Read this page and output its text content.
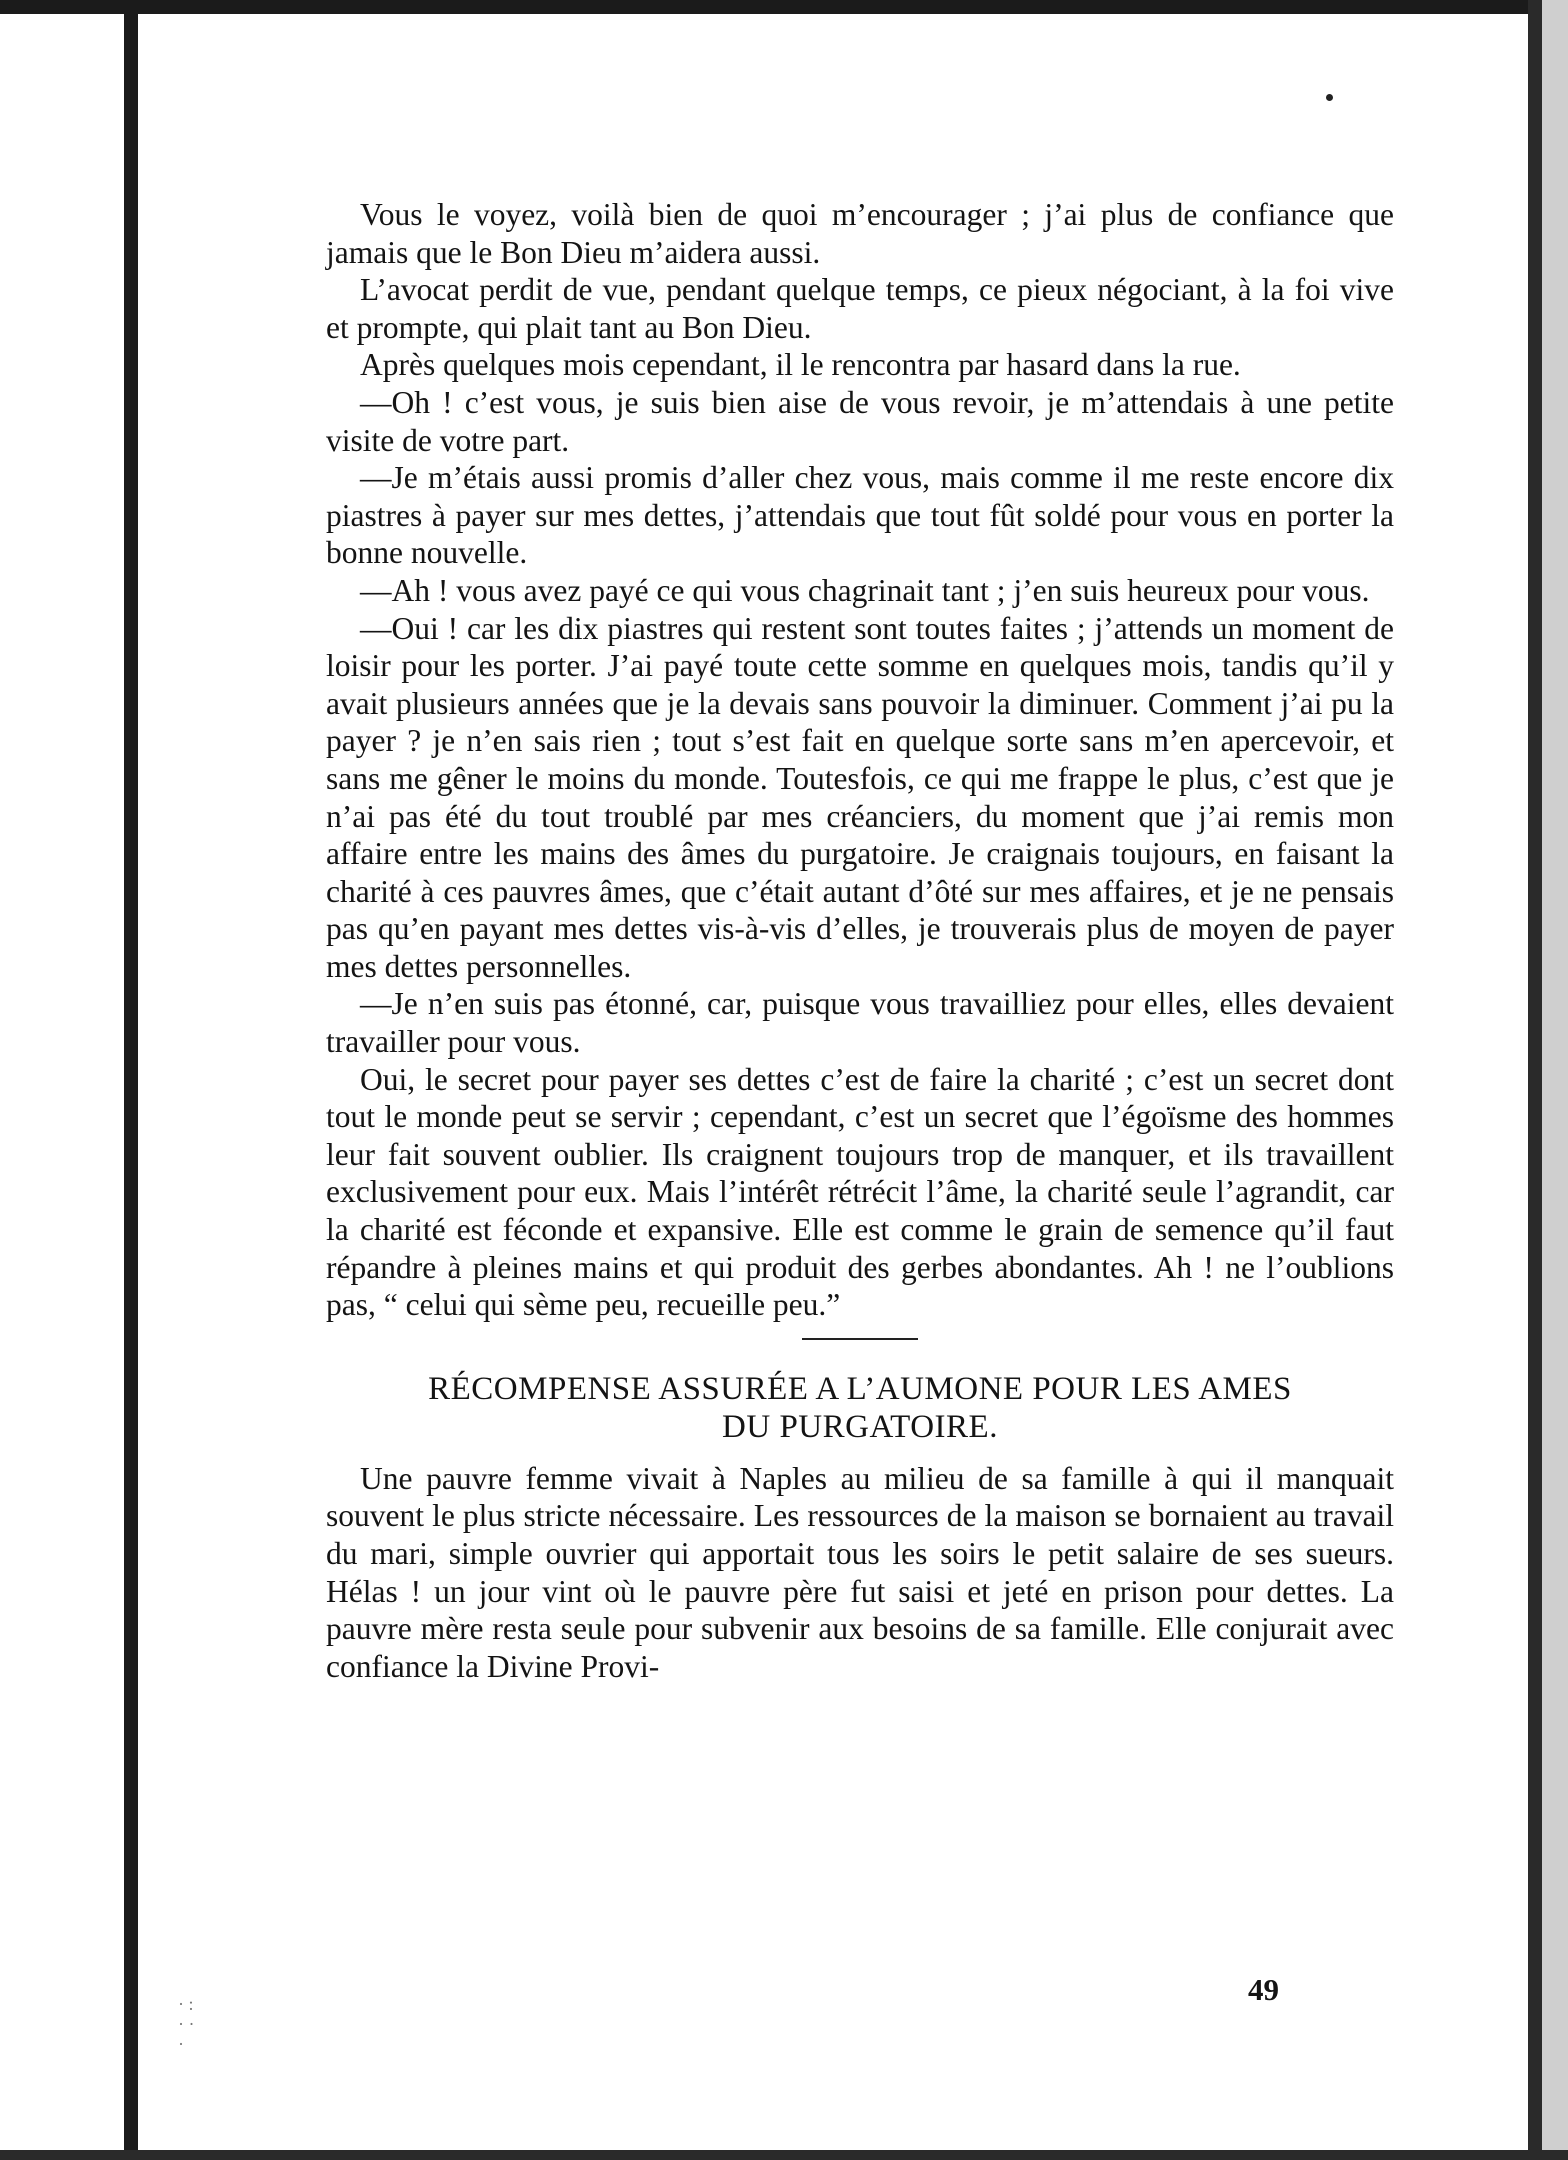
· :
· ·
·

Vous le voyez, voilà bien de quoi m’encourager ; j’ai plus de confiance que jamais que le Bon Dieu m’aidera aussi.

L’avocat perdit de vue, pendant quelque temps, ce pieux négociant, à la foi vive et prompte, qui plait tant au Bon Dieu.

Après quelques mois cependant, il le rencontra par hasard dans la rue.

—Oh ! c’est vous, je suis bien aise de vous revoir, je m’attendais à une petite visite de votre part.

—Je m’étais aussi promis d’aller chez vous, mais comme il me reste encore dix piastres à payer sur mes dettes, j’attendais que tout fût soldé pour vous en porter la bonne nouvelle.

—Ah ! vous avez payé ce qui vous chagrinait tant ; j’en suis heureux pour vous.

—Oui ! car les dix piastres qui restent sont toutes faites ; j’attends un moment de loisir pour les porter. J’ai payé toute cette somme en quelques mois, tandis qu’il y avait plusieurs années que je la devais sans pouvoir la diminuer. Comment j’ai pu la payer ? je n’en sais rien ; tout s’est fait en quelque sorte sans m’en apercevoir, et sans me gêner le moins du monde. Toutesfois, ce qui me frappe le plus, c’est que je n’ai pas été du tout troublé par mes créanciers, du moment que j’ai remis mon affaire entre les mains des âmes du purgatoire. Je craignais toujours, en faisant la charité à ces pauvres âmes, que c’était autant d’ôté sur mes affaires, et je ne pensais pas qu’en payant mes dettes vis-à-vis d’elles, je trouverais plus de moyen de payer mes dettes personnelles.

—Je n’en suis pas étonné, car, puisque vous travailliez pour elles, elles devaient travailler pour vous.

Oui, le secret pour payer ses dettes c’est de faire la charité ; c’est un secret dont tout le monde peut se servir ; cependant, c’est un secret que l’égoïsme des hommes leur fait souvent oublier. Ils craignent toujours trop de manquer, et ils travaillent exclusivement pour eux. Mais l’intérêt rétrécit l’âme, la charité seule l’agrandit, car la charité est féconde et expansive. Elle est comme le grain de semence qu’il faut répandre à pleines mains et qui produit des gerbes abondantes. Ah ! ne l’oublions pas, “ celui qui sème peu, recueille peu.”

RÉCOMPENSE ASSURÉE A L’AUMONE POUR LES AMES
DU PURGATOIRE.

Une pauvre femme vivait à Naples au milieu de sa famille à qui il manquait souvent le plus stricte nécessaire. Les ressources de la maison se bornaient au travail du mari, simple ouvrier qui apportait tous les soirs le petit salaire de ses sueurs. Hélas ! un jour vint où le pauvre père fut saisi et jeté en prison pour dettes. La pauvre mère resta seule pour subvenir aux besoins de sa famille. Elle conjurait avec confiance la Divine Provi-

49
